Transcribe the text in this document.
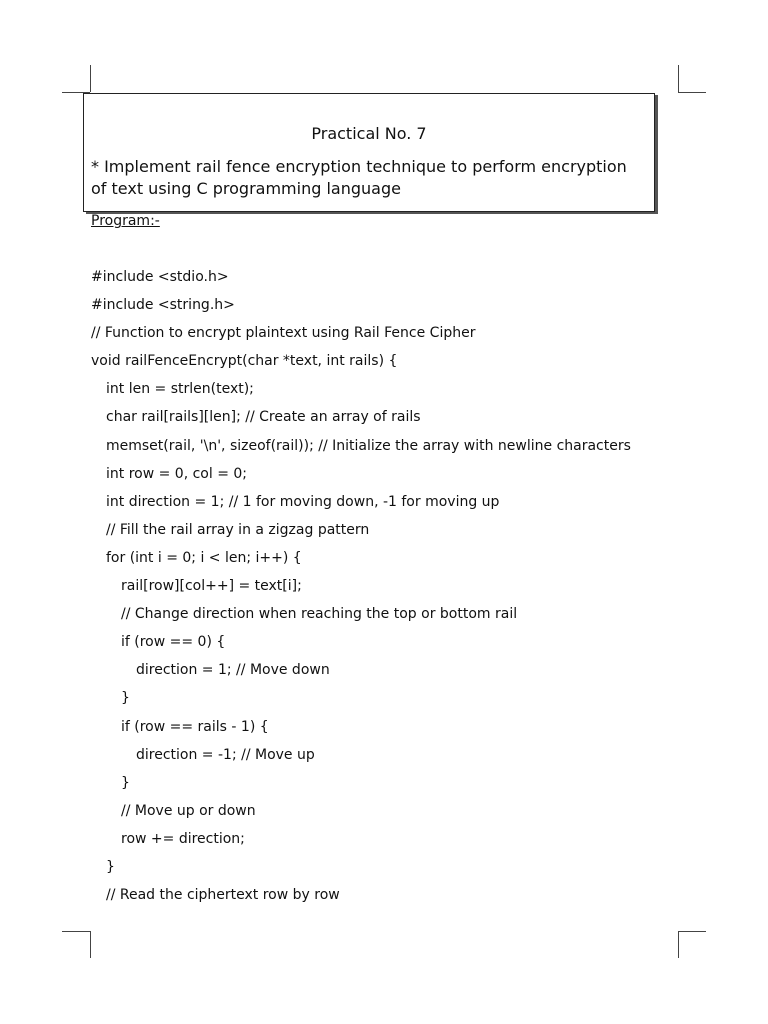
Practical No. 7
* Implement rail fence encryption technique to perform encryption of text using C programming language
Program:-
#include <stdio.h>
#include <string.h>
// Function to encrypt plaintext using Rail Fence Cipher
void railFenceEncrypt(char *text, int rails) {
int len = strlen(text);
char rail[rails][len]; // Create an array of rails
memset(rail, '\n', sizeof(rail)); // Initialize the array with newline characters
int row = 0, col = 0;
int direction = 1; // 1 for moving down, -1 for moving up
// Fill the rail array in a zigzag pattern
for (int i = 0; i < len; i++) {
rail[row][col++] = text[i];
// Change direction when reaching the top or bottom rail
if (row == 0) {
direction = 1; // Move down
}
if (row == rails - 1) {
direction = -1; // Move up
}
// Move up or down
row += direction;
}
// Read the ciphertext row by row
